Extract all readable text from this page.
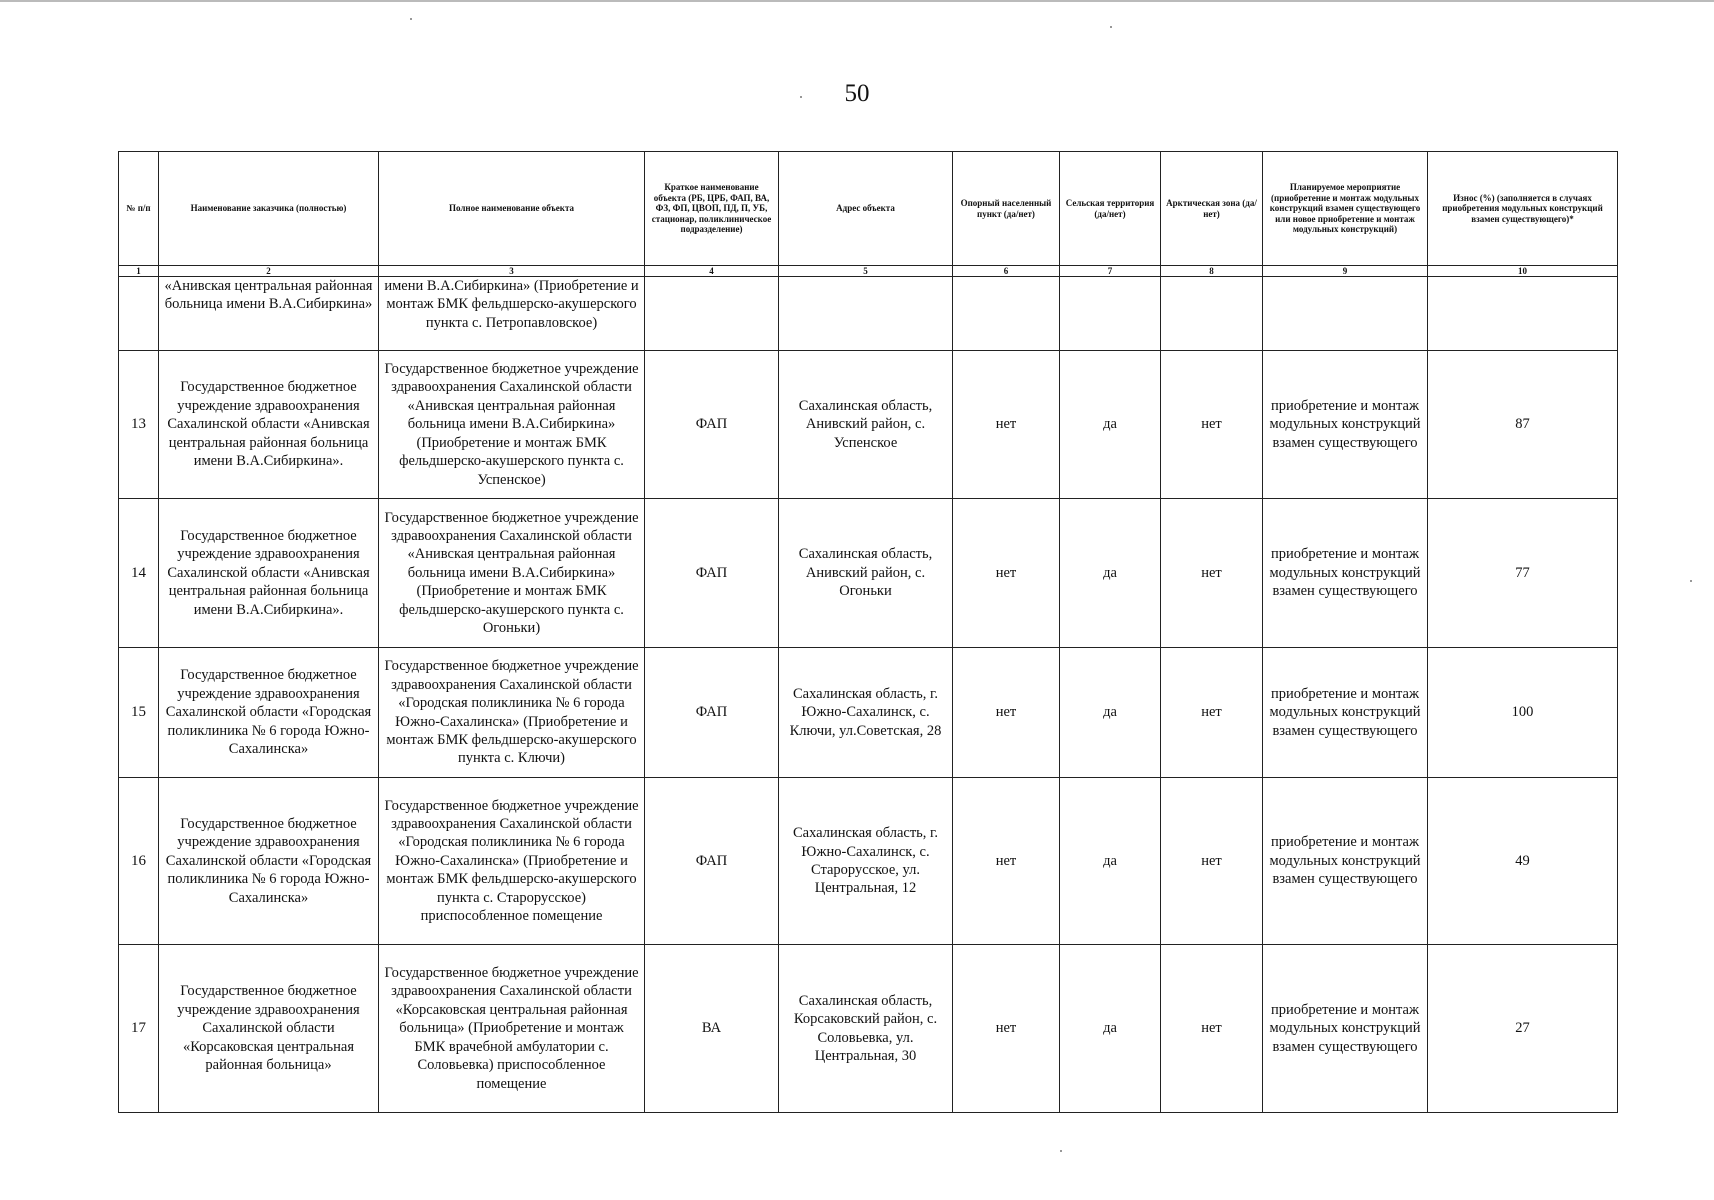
50
№ п/п	Наименование заказчика (полностью)	Полное наименование объекта	Краткое наименование объекта (РБ, ЦРБ, ФАП, ВА, ФЗ, ФП, ЦВОП, ПД, П, УБ, стационар, поликлиническое подразделение)	Адрес объекта	Опорный населенный пункт (да/нет)	Сельская территория (да/нет)	Арктическая зона (да/нет)	Планируемое мероприятие (приобретение и монтаж модульных конструкций взамен существующего или новое приобретение и монтаж модульных конструкций)	Износ (%) (заполняется в случаях приобретения модульных конструкций взамен существующего)*
1	2	3	4	5	6	7	8	9	10
	«Анивская центральная районная больница имени В.А.Сибиркина»	имени В.А.Сибиркина» (Приобретение и монтаж БМК фельдшерско-акушерского пункта с. Петропавловское)							
13	Государственное бюджетное учреждение здравоохранения Сахалинской области «Анивская центральная районная больница имени В.А.Сибиркина».	Государственное бюджетное учреждение здравоохранения Сахалинской области «Анивская центральная районная больница имени В.А.Сибиркина» (Приобретение и монтаж БМК фельдшерско-акушерского пункта с. Успенское)	ФАП	Сахалинская область, Анивский район, с. Успенское	нет	да	нет	приобретение и монтаж модульных конструкций взамен существующего	87
14	Государственное бюджетное учреждение здравоохранения Сахалинской области «Анивская центральная районная больница имени В.А.Сибиркина».	Государственное бюджетное учреждение здравоохранения Сахалинской области «Анивская центральная районная больница имени В.А.Сибиркина» (Приобретение и монтаж БМК фельдшерско-акушерского пункта с. Огоньки)	ФАП	Сахалинская область, Анивский район, с. Огоньки	нет	да	нет	приобретение и монтаж модульных конструкций взамен существующего	77
15	Государственное бюджетное учреждение здравоохранения Сахалинской области «Городская поликлиника № 6 города Южно-Сахалинска»	Государственное бюджетное учреждение здравоохранения Сахалинской области «Городская поликлиника № 6 города Южно-Сахалинска» (Приобретение и монтаж БМК фельдшерско-акушерского пункта с. Ключи)	ФАП	Сахалинская область, г. Южно-Сахалинск, с. Ключи, ул.Советская, 28	нет	да	нет	приобретение и монтаж модульных конструкций взамен существующего	100
16	Государственное бюджетное учреждение здравоохранения Сахалинской области «Городская поликлиника № 6 города Южно-Сахалинска»	Государственное бюджетное учреждение здравоохранения Сахалинской области «Городская поликлиника № 6 города Южно-Сахалинска» (Приобретение и монтаж БМК фельдшерско-акушерского пункта с. Старорусское) приспособленное помещение	ФАП	Сахалинская область, г. Южно-Сахалинск, с. Старорусское, ул. Центральная, 12	нет	да	нет	приобретение и монтаж модульных конструкций взамен существующего	49
17	Государственное бюджетное учреждение здравоохранения Сахалинской области «Корсаковская центральная районная больница»	Государственное бюджетное учреждение здравоохранения Сахалинской области «Корсаковская центральная районная больница» (Приобретение и монтаж БМК врачебной амбулатории с. Соловьевка) приспособленное помещение	ВА	Сахалинская область, Корсаковский район, с. Соловьевка, ул. Центральная, 30	нет	да	нет	приобретение и монтаж модульных конструкций взамен существующего	27
